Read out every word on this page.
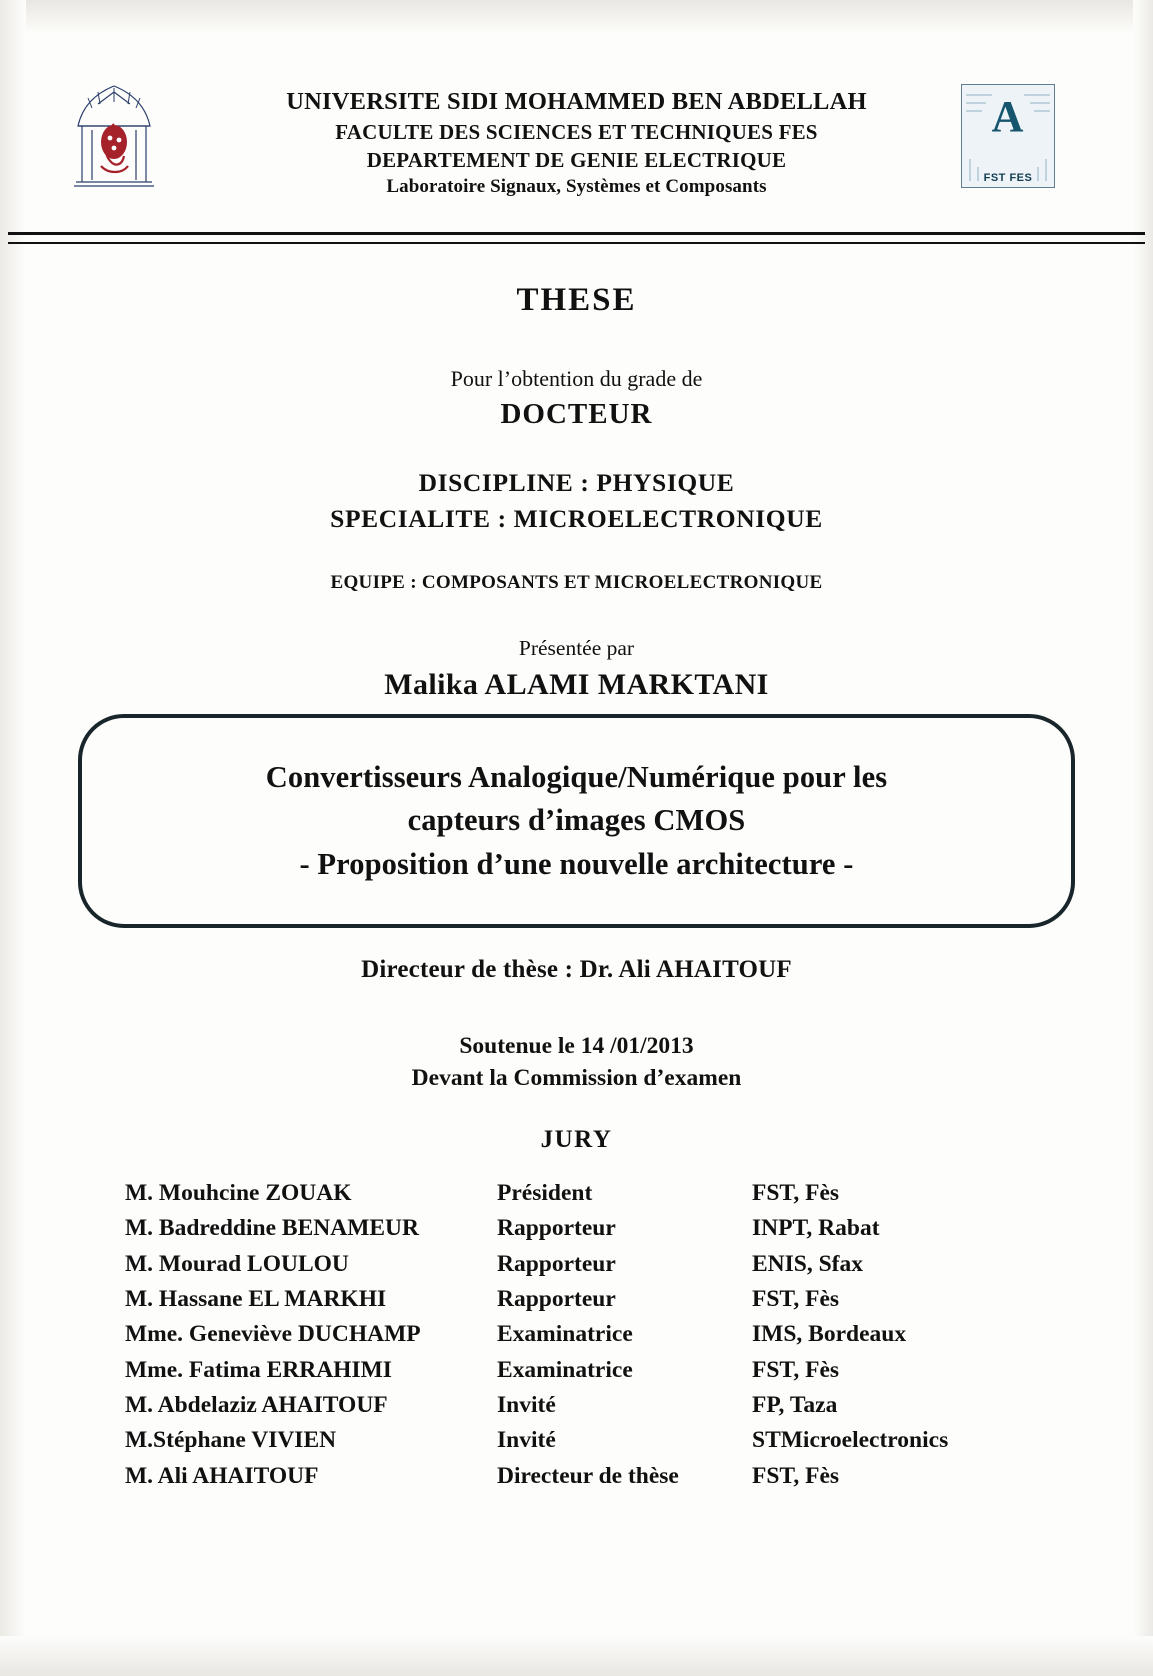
UNIVERSITE SIDI MOHAMMED BEN ABDELLAH
FACULTE DES SCIENCES ET TECHNIQUES FES
DEPARTEMENT DE GENIE ELECTRIQUE
Laboratoire Signaux, Systèmes et Composants
A
FST FES
THESE
Pour l’obtention du grade de
DOCTEUR
DISCIPLINE : PHYSIQUE
SPECIALITE : MICROELECTRONIQUE
EQUIPE : COMPOSANTS ET MICROELECTRONIQUE
Présentée par
Malika ALAMI MARKTANI
Convertisseurs Analogique/Numérique pour les
capteurs d’images CMOS
- Proposition d’une nouvelle architecture -
Directeur de thèse : Dr. Ali AHAITOUF
Soutenue le 14 /01/2013
Devant la Commission d’examen
JURY
M. Mouhcine ZOUAK	Président	FST, Fès
M. Badreddine BENAMEUR	Rapporteur	INPT, Rabat
M. Mourad LOULOU	Rapporteur	ENIS, Sfax
M. Hassane EL MARKHI	Rapporteur	FST, Fès
Mme. Geneviève DUCHAMP	Examinatrice	IMS, Bordeaux
Mme. Fatima ERRAHIMI	Examinatrice	FST, Fès
M. Abdelaziz AHAITOUF	Invité	FP, Taza
M.Stéphane VIVIEN	Invité	STMicroelectronics
M. Ali AHAITOUF	Directeur de thèse	FST, Fès
